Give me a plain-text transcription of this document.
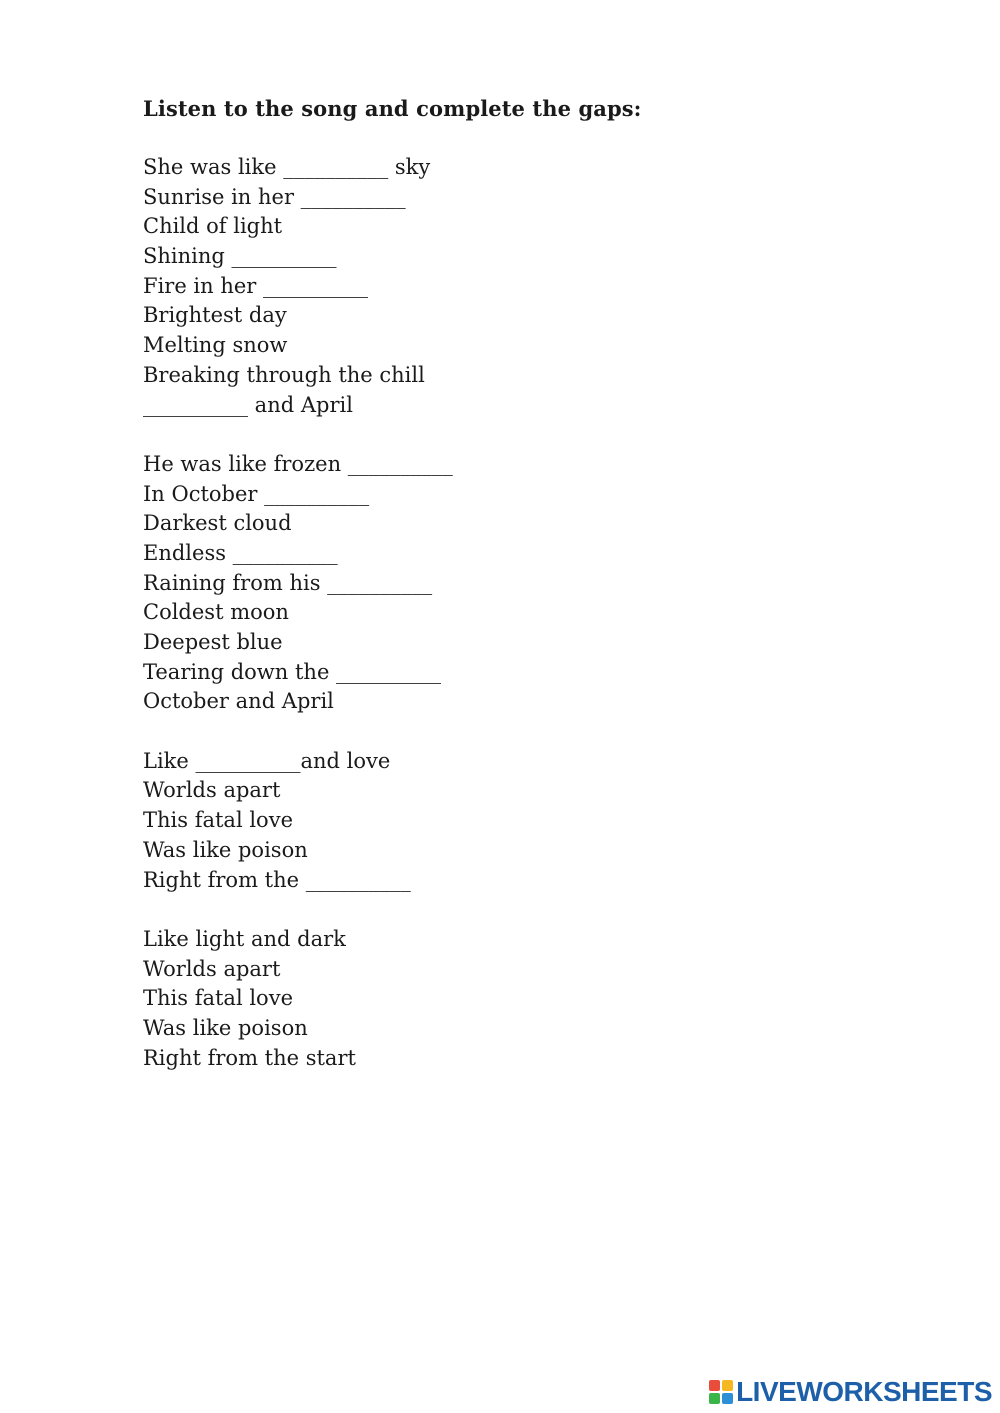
Listen to the song and complete the gaps:
She was like __________ sky
Sunrise in her __________
Child of light
Shining __________
Fire in her __________
Brightest day
Melting snow
Breaking through the chill
__________ and April
He was like frozen __________
In October __________
Darkest cloud
Endless __________
Raining from his __________
Coldest moon
Deepest blue
Tearing down the __________
October and April
Like __________and love
Worlds apart
This fatal love
Was like poison
Right from the __________
Like light and dark
Worlds apart
This fatal love
Was like poison
Right from the start
LIVEWORKSHEETS
